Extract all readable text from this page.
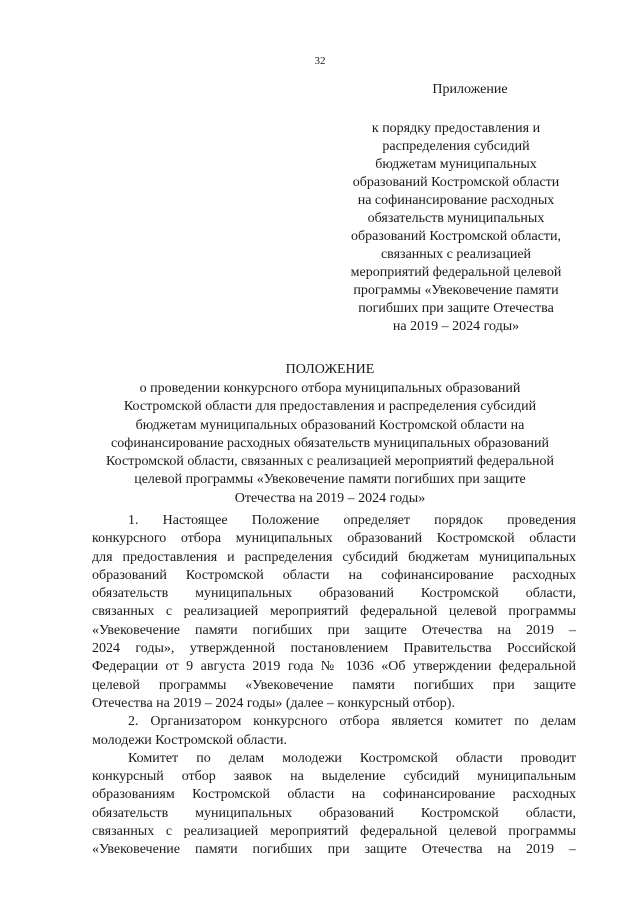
32
Приложение
к порядку предоставления и
распределения субсидий
бюджетам муниципальных
образований Костромской области
на софинансирование расходных
обязательств муниципальных
образований Костромской области,
связанных с реализацией
мероприятий федеральной целевой
программы «Увековечение памяти
погибших при защите Отечества
на 2019 – 2024 годы»
ПОЛОЖЕНИЕ
о проведении конкурсного отбора муниципальных образований
Костромской области для предоставления и распределения субсидий
бюджетам муниципальных образований Костромской области на
софинансирование расходных обязательств муниципальных образований
Костромской области, связанных с реализацией мероприятий федеральной
целевой программы «Увековечение памяти погибших при защите
Отечества на 2019 – 2024 годы»
1. Настоящее Положение определяет порядок проведения
конкурсного отбора муниципальных образований Костромской области
для предоставления и распределения субсидий бюджетам муниципальных
образований Костромской области на софинансирование расходных
обязательств муниципальных образований Костромской области,
связанных с реализацией мероприятий федеральной целевой программы
«Увековечение памяти погибших при защите Отечества на 2019 –
2024 годы», утвержденной постановлением Правительства Российской
Федерации от 9 августа 2019 года № 1036 «Об утверждении федеральной
целевой программы «Увековечение памяти погибших при защите
Отечества на 2019 – 2024 годы» (далее – конкурсный отбор).
2. Организатором конкурсного отбора является комитет по делам
молодежи Костромской области.
Комитет по делам молодежи Костромской области проводит
конкурсный отбор заявок на выделение субсидий муниципальным
образованиям Костромской области на софинансирование расходных
обязательств муниципальных образований Костромской области,
связанных с реализацией мероприятий федеральной целевой программы
«Увековечение памяти погибших при защите Отечества на 2019 –
